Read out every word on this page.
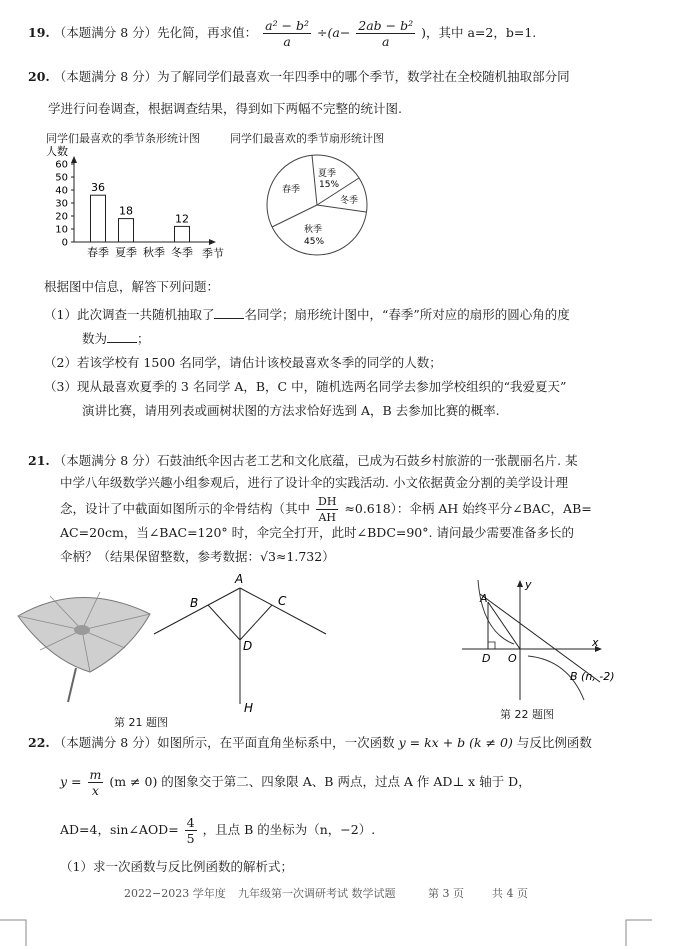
19. （本题满分 8 分）先化简，再求值： $\frac{\text{a² − b²}}{a} \div(a- \frac{\text{2ab − b²}}{a}$ )，其中 a=2，b=1.
20. （本题满分 8 分）为了解同学们最喜欢一年四季中的哪个季节，数学社在全校随机抽取部分同
学进行问卷调查，根据调查结果，得到如下两幅不完整的统计图.
同学们最喜欢的季节条形统计图	同学们最喜欢的季节扇形统计图
人数
0
10
20
30
40
50
60
36
春季
18
夏季 秋季
12
冬季 季节
夏季
15%
冬季
秋季
45%
春季
根据图中信息，解答下列问题：
（1）此次调查一共随机抽取了 名同学；扇形统计图中，“春季”所对应的扇形的圆心角的度
数为 ；
（2）若该学校有 1500 名同学，请估计该校最喜欢冬季的同学的人数；
（3）现从最喜欢夏季的 3 名同学 A，B，C 中，随机选两名同学去参加学校组织的“我爱夏天”
演讲比赛，请用列表或画树状图的方法求恰好选到 A，B 去参加比赛的概率.
21. （本题满分 8 分）石鼓油纸伞因古老工艺和文化底蕴，已成为石鼓乡村旅游的一张靓丽名片. 某
中学八年级数学兴趣小组参观后，进行了设计伞的实践活动. 小文依据黄金分割的美学设计理
念，设计了中截面如图所示的伞骨结构（其中 $\frac{DH}{AH} \approx 0.618$）：伞柄 AH 始终平分∠BAC，AB=
AC=20cm，当∠BAC=120° 时，伞完全打开，此时∠BDC=90°. 请问最少需要准备多长的
伞柄？（结果保留整数，参考数据：√3≈1.732）
第 21 题图
A
B	C
D
H
A
D O
x
y
B (n, -2)
第 22 题图
22. （本题满分 8 分）如图所示，在平面直角坐标系中，一次函数 y = kx + b (k ≠ 0) 与反比例函数
$y = \frac{m}{x} (m \ne 0)$ 的图象交于第二、四象限 A、B 两点，过点 A 作 AD⊥ x 轴于 D，
AD=4，sin∠AOD= $\frac{4}{5}$ ，且点 B 的坐标为（n，−2）.
（1）求一次函数与反比例函数的解析式；
2022−2023 学年度 九年级第一次调研考试 数学试题	第 3 页	共 4 页
